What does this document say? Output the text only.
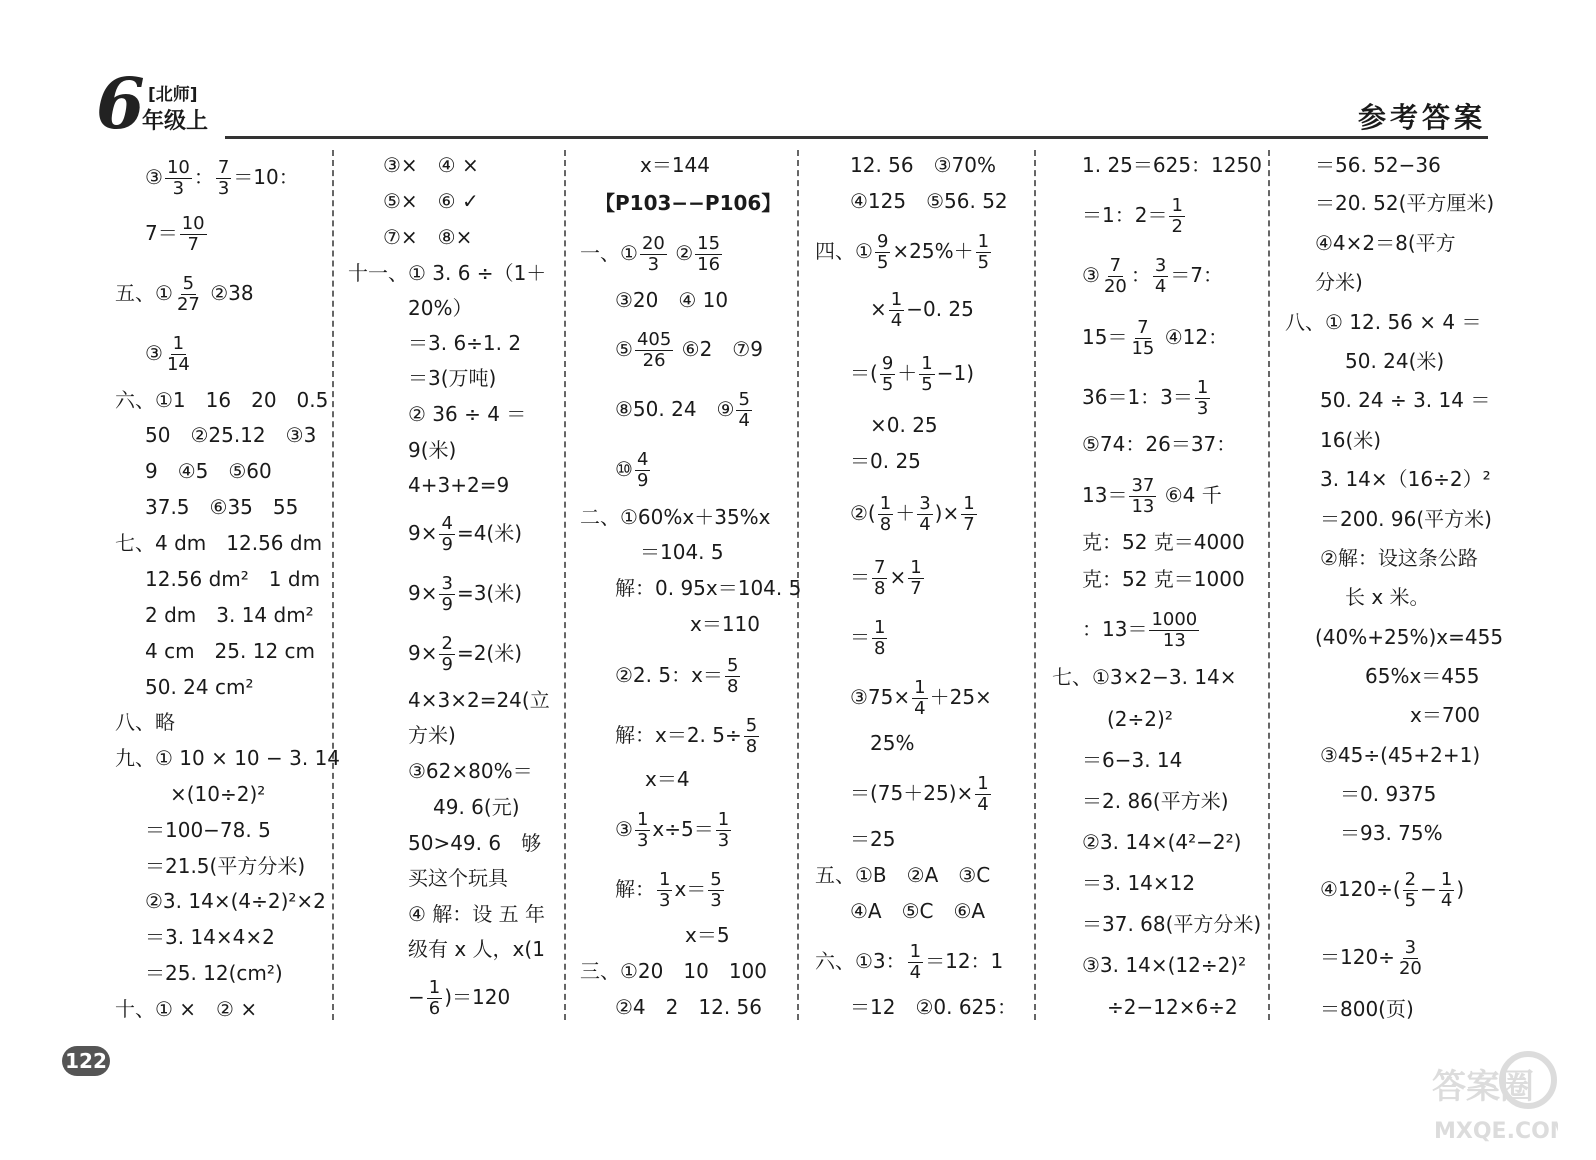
6 [北师]
年级上	参考答案
③ $\frac{10}{3}$ ： $\frac{7}{3} =10$：
$7= \frac{10}{7}$
五、① $\frac{5}{27}$ ②38
③ $\frac{1}{14}$
六、①1　16　20　0.5
50　②25.12　③3
9　④5　⑤60
37.5　⑥35　55
七、4 dm　12.56 dm
12.56 dm²　1 dm
2 dm　3. 14 dm²
4 cm　25. 12 cm
50. 24 cm²
八、略
九、① 10 × 10 − 3. 14
×(10÷2)²
＝100−78. 5
＝21.5(平方分米)
②3. 14×(4÷2)²×2
＝3. 14×4×2
＝25. 12(cm²)
十、① ×　② ×
③×　④ ×
⑤×　⑥ ✓
⑦×　⑧×
十一、① 3. 6 ÷（1＋
20%）
＝3. 6÷1. 2
＝3(万吨)
② 36 ÷ 4 ＝
9(米)
4+3+2=9
$9\times \frac{4}{9} =4$(米)
$9\times \frac{3}{9} =3$(米)
$9\times \frac{2}{9} =2$(米)
4×3×2=24(立
方米)
③62×80%＝
49. 6(元)
50>49. 6　够
买这个玩具
④ 解：设 五 年
级有 x 人，x(1
− $\frac{1}{6} )=120$
x＝144
【P103−−P106】
一、① $\frac{20}{3}$ ② $\frac{15}{16}$
③20　④ 10
⑤ $\frac{405}{26}$ ⑥2　⑦9
⑧50. 24　⑨ $\frac{5}{4}$
⑩ $\frac{4}{9}$
二、①60%x＋35%x
＝104. 5
解：0. 95x＝104. 5
x＝110
②2. 5：$x= \frac{5}{8}$
解：x＝2. $5\div \frac{5}{8}$
x＝4
③ $\frac{1}{3} x\div 5= \frac{1}{3}$
解： $\frac{1}{3} x= \frac{5}{3}$
x＝5
三、①20　10　100
②4　2　12. 56
12. 56　③70%
④125　⑤56. 52
四、① $\frac{9}{5} \times 25\%+ \frac{1}{5}$
× $\frac{1}{4} -0$. 25
＝( $\frac{9}{5} + \frac{1}{5} -1$)
×0. 25
＝0. 25
②( $\frac{1}{8} + \frac{3}{4}$ )× $\frac{1}{7}$
＝ $\frac{7}{8} \times \frac{1}{7}$
＝ $\frac{1}{8}$
③75× $\frac{1}{4} +25\times$
25%
$=(75+25)\times \frac{1}{4}$
＝25
五、①B　②A　③C
④A　⑤C　⑥A
六、①3： $\frac{1}{4} =12$：1
＝12　②0. 625：
1. 25＝625：1250
＝1：$2= \frac{1}{2}$
③ $\frac{7}{20}$ ： $\frac{3}{4} =7$：
$15= \frac{7}{15}$ ④12：
36＝1：$3= \frac{1}{3}$
⑤74：26＝37：
$13= \frac{37}{13}$ ⑥4 千
克：52 克＝4000
克：52 克＝1000
：$13= \frac{1000}{13}$
七、①3×2−3. 14×
(2÷2)²
＝6−3. 14
＝2. 86(平方米)
②3. 14×(4²−2²)
＝3. 14×12
＝37. 68(平方分米)
③3. 14×(12÷2)²
÷2−12×6÷2
＝56. 52−36
＝20. 52(平方厘米)
④4×2＝8(平方
分米)
八、① 12. 56 × 4 ＝
50. 24(米)
50. 24 ÷ 3. 14 ＝
16(米)
3. 14×（16÷2）²
＝200. 96(平方米)
②解：设这条公路
长 x 米。
(40%+25%)x=455
65%x＝455
x＝700
③45÷(45+2+1)
＝0. 9375
＝93. 75%
④120÷( $\frac{2}{5} - \frac{1}{4}$ )
$=120\div \frac{3}{20}$
＝800(页)
122
答案圈
MXQE.COM
